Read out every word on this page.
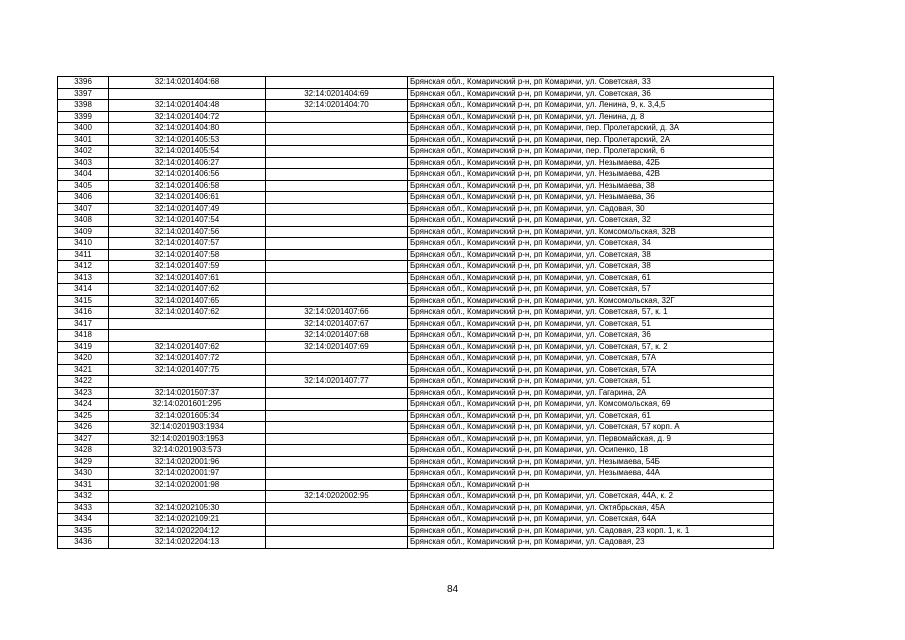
3396	32:14:0201404:68		Брянская обл., Комаричский р-н, рп Комаричи, ул. Советская, 33
3397		32:14:0201404:69	Брянская обл., Комаричский р-н, рп Комаричи, ул. Советская, 36
3398	32:14:0201404:48	32:14:0201404:70	Брянская обл., Комаричский р-н, рп Комаричи, ул. Ленина, 9, к. 3,4,5
3399	32:14:0201404:72		Брянская обл., Комаричский р-н, рп Комаричи, ул. Ленина, д. 8
3400	32:14:0201404:80		Брянская обл., Комаричский р-н, рп Комаричи, пер. Пролетарский, д. 3А
3401	32:14:0201405:53		Брянская обл., Комаричский р-н, рп Комаричи, пер. Пролетарский, 2А
3402	32:14:0201405:54		Брянская обл., Комаричский р-н, рп Комаричи, пер. Пролетарский, 6
3403	32:14:0201406:27		Брянская обл., Комаричский р-н, рп Комаричи, ул. Незымаева, 42Б
3404	32:14:0201406:56		Брянская обл., Комаричский р-н, рп Комаричи, ул. Незымаева, 42В
3405	32:14:0201406:58		Брянская обл., Комаричский р-н, рп Комаричи, ул. Незымаева, 38
3406	32:14:0201406:61		Брянская обл., Комаричский р-н, рп Комаричи, ул. Незымаева, 36
3407	32:14:0201407:49		Брянская обл., Комаричский р-н, рп Комаричи, ул. Садовая, 30
3408	32:14:0201407:54		Брянская обл., Комаричский р-н, рп Комаричи, ул. Советская, 32
3409	32:14:0201407:56		Брянская обл., Комаричский р-н, рп Комаричи, ул. Комсомольская, 32В
3410	32:14:0201407:57		Брянская обл., Комаричский р-н, рп Комаричи, ул. Советская, 34
3411	32:14:0201407:58		Брянская обл., Комаричский р-н, рп Комаричи, ул. Советская, 38
3412	32:14:0201407:59		Брянская обл., Комаричский р-н, рп Комаричи, ул. Советская, 38
3413	32:14:0201407:61		Брянская обл., Комаричский р-н, рп Комаричи, ул. Советская, 61
3414	32:14:0201407:62		Брянская обл., Комаричский р-н, рп Комаричи, ул. Советская, 57
3415	32:14:0201407:65		Брянская обл., Комаричский р-н, рп Комаричи, ул. Комсомольская, 32Г
3416	32:14:0201407:62	32:14:0201407:66	Брянская обл., Комаричский р-н, рп Комаричи, ул. Советская, 57, к. 1
3417		32:14:0201407:67	Брянская обл., Комаричский р-н, рп Комаричи, ул. Советская, 51
3418		32:14:0201407:68	Брянская обл., Комаричский р-н, рп Комаричи, ул. Советская, 36
3419	32:14:0201407:62	32:14:0201407:69	Брянская обл., Комаричский р-н, рп Комаричи, ул. Советская, 57, к. 2
3420	32:14:0201407:72		Брянская обл., Комаричский р-н, рп Комаричи, ул. Советская, 57А
3421	32:14:0201407:75		Брянская обл., Комаричский р-н, рп Комаричи, ул. Советская, 57А
3422		32:14:0201407:77	Брянская обл., Комаричский р-н, рп Комаричи, ул. Советская, 51
3423	32:14:0201507:37		Брянская обл., Комаричский р-н, рп Комаричи, ул. Гагарина, 2А
3424	32:14:0201601:295		Брянская обл., Комаричский р-н, рп Комаричи, ул. Комсомольская, 69
3425	32:14:0201605:34		Брянская обл., Комаричский р-н, рп Комаричи, ул. Советская, 61
3426	32:14:0201903:1934		Брянская обл., Комаричский р-н, рп Комаричи, ул. Советская, 57 корп. А
3427	32:14:0201903:1953		Брянская обл., Комаричский р-н, рп Комаричи, ул. Первомайская, д. 9
3428	32:14:0201903:573		Брянская обл., Комаричский р-н, рп Комаричи, ул. Осипенко, 18
3429	32:14:0202001:96		Брянская обл., Комаричский р-н, рп Комаричи, ул. Незымаева, 54Б
3430	32:14:0202001:97		Брянская обл., Комаричский р-н, рп Комаричи, ул. Незымаева, 44А
3431	32:14:0202001:98		Брянская обл., Комаричский р-н
3432		32:14:0202002:95	Брянская обл., Комаричский р-н, рп Комаричи, ул. Советская, 44А, к. 2
3433	32:14:0202105:30		Брянская обл., Комаричский р-н, рп Комаричи, ул. Октябрьская, 45А
3434	32:14:0202109:21		Брянская обл., Комаричский р-н, рп Комаричи, ул. Советская, 64А
3435	32:14:0202204:12		Брянская обл., Комаричский р-н, рп Комаричи, ул. Садовая, 23 корп. 1, к. 1
3436	32:14:0202204:13		Брянская обл., Комаричский р-н, рп Комаричи, ул. Садовая, 23
84
